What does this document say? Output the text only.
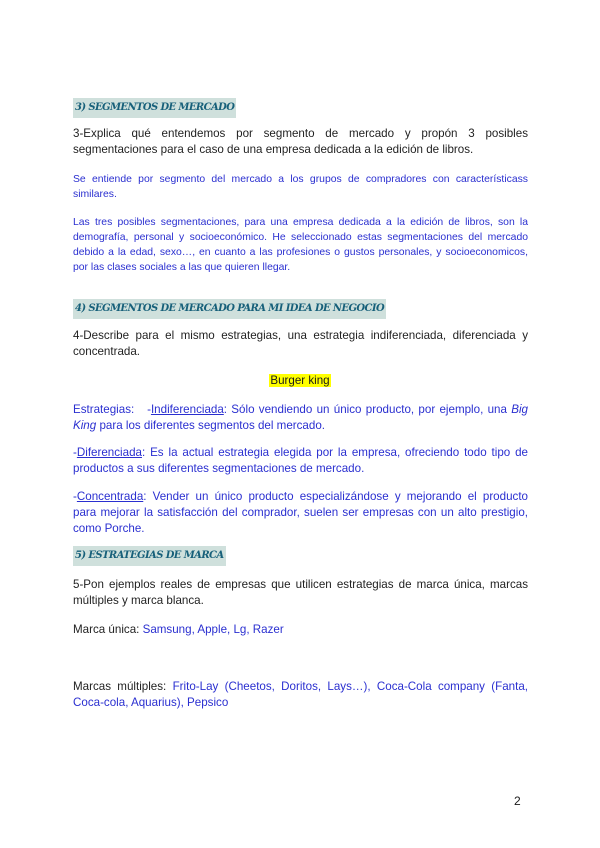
3) SEGMENTOS DE MERCADO
3-Explica qué entendemos por segmento de mercado y propón 3 posibles segmentaciones para el caso de una empresa dedicada a la edición de libros.
Se entiende por segmento del mercado a los grupos de compradores con característicass similares.
Las tres posibles segmentaciones, para una empresa dedicada a la edición de libros, son la demografía, personal y socioeconómico. He seleccionado estas segmentaciones del mercado debido a la edad, sexo…, en cuanto a las profesiones o gustos personales, y socioeconomicos, por las clases sociales a las que quieren llegar.
4) SEGMENTOS DE MERCADO PARA MI IDEA DE NEGOCIO
4-Describe para el mismo estrategias, una estrategia indiferenciada, diferenciada y concentrada.
Burger king
Estrategias:   -Indiferenciada: Sólo vendiendo un único producto, por ejemplo, una Big King para los diferentes segmentos del mercado.
-Diferenciada: Es la actual estrategia elegida por la empresa, ofreciendo todo tipo de productos a sus diferentes segmentaciones de mercado.
-Concentrada: Vender un único producto especializándose y mejorando el producto para mejorar la satisfacción del comprador, suelen ser empresas con un alto prestigio, como Porche.
5) ESTRATEGIAS DE MARCA
5-Pon ejemplos reales de empresas que utilicen estrategias de marca única, marcas múltiples y marca blanca.
Marca única: Samsung, Apple, Lg, Razer
Marcas múltiples: Frito-Lay (Cheetos, Doritos, Lays…), Coca-Cola company (Fanta, Coca-cola, Aquarius), Pepsico
2
